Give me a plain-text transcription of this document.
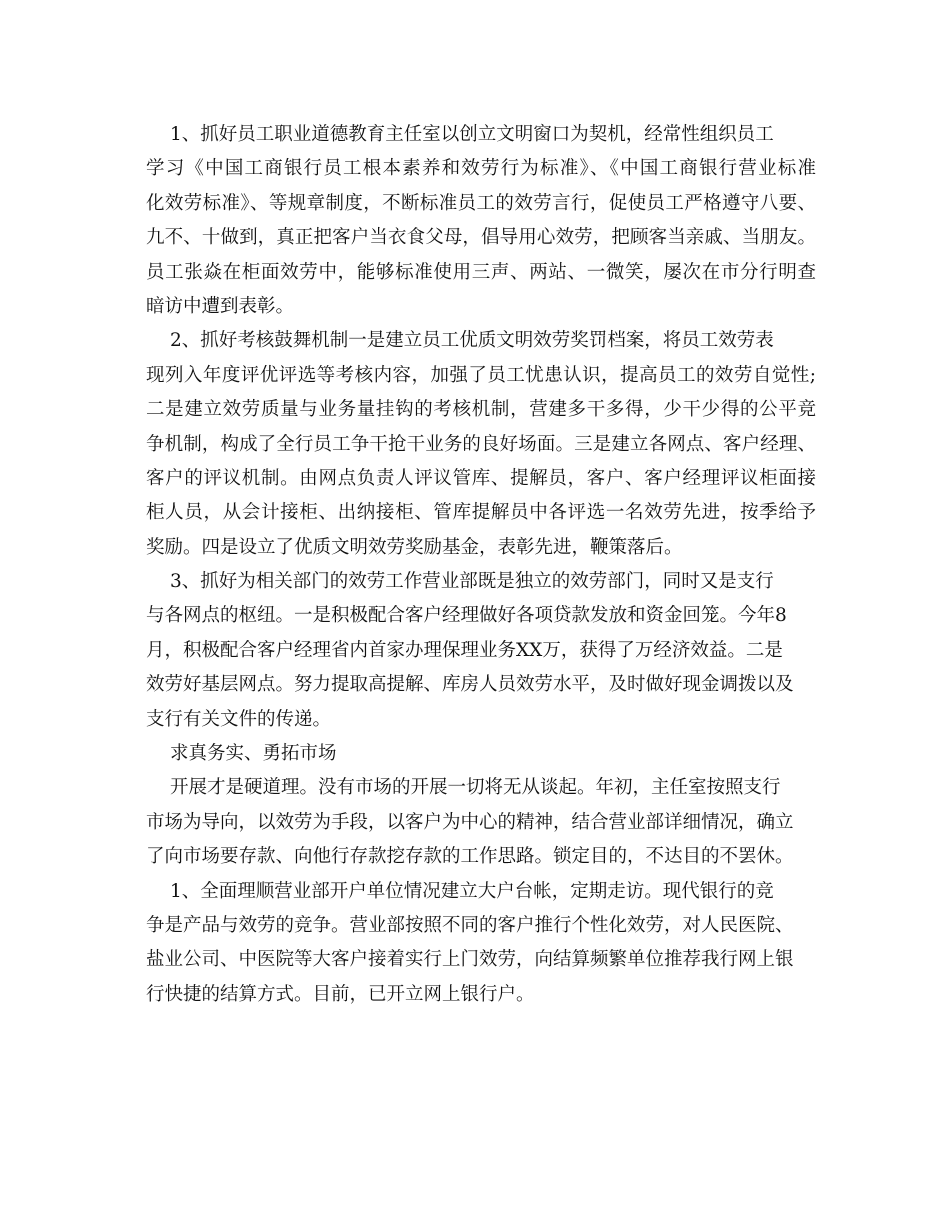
1、抓好员工职业道德教育主任室以创立文明窗口为契机，经常性组织员工
学习《中国工商银行员工根本素养和效劳行为标准》、《中国工商银行营业标准
化效劳标准》、等规章制度，不断标准员工的效劳言行，促使员工严格遵守八要、
九不、十做到，真正把客户当衣食父母，倡导用心效劳，把顾客当亲戚、当朋友。
员工张焱在柜面效劳中，能够标准使用三声、两站、一微笑，屡次在市分行明查
暗访中遭到表彰。
2、抓好考核鼓舞机制一是建立员工优质文明效劳奖罚档案，将员工效劳表
现列入年度评优评选等考核内容，加强了员工忧患认识，提高员工的效劳自觉性;
二是建立效劳质量与业务量挂钩的考核机制，营建多干多得，少干少得的公平竞
争机制，构成了全行员工争干抢干业务的良好场面。三是建立各网点、客户经理、
客户的评议机制。由网点负责人评议管库、提解员，客户、客户经理评议柜面接
柜人员，从会计接柜、出纳接柜、管库提解员中各评选一名效劳先进，按季给予
奖励。四是设立了优质文明效劳奖励基金，表彰先进，鞭策落后。
3、抓好为相关部门的效劳工作营业部既是独立的效劳部门，同时又是支行
与各网点的枢纽。一是积极配合客户经理做好各项贷款发放和资金回笼。今年8
月，积极配合客户经理省内首家办理保理业务XX万，获得了万经济效益。二是
效劳好基层网点。努力提取高提解、库房人员效劳水平，及时做好现金调拨以及
支行有关文件的传递。
求真务实、勇拓市场
开展才是硬道理。没有市场的开展一切将无从谈起。年初，主任室按照支行
市场为导向，以效劳为手段，以客户为中心的精神，结合营业部详细情况，确立
了向市场要存款、向他行存款挖存款的工作思路。锁定目的，不达目的不罢休。
1、全面理顺营业部开户单位情况建立大户台帐，定期走访。现代银行的竞
争是产品与效劳的竞争。营业部按照不同的客户推行个性化效劳，对人民医院、
盐业公司、中医院等大客户接着实行上门效劳，向结算频繁单位推荐我行网上银
行快捷的结算方式。目前，已开立网上银行户。
